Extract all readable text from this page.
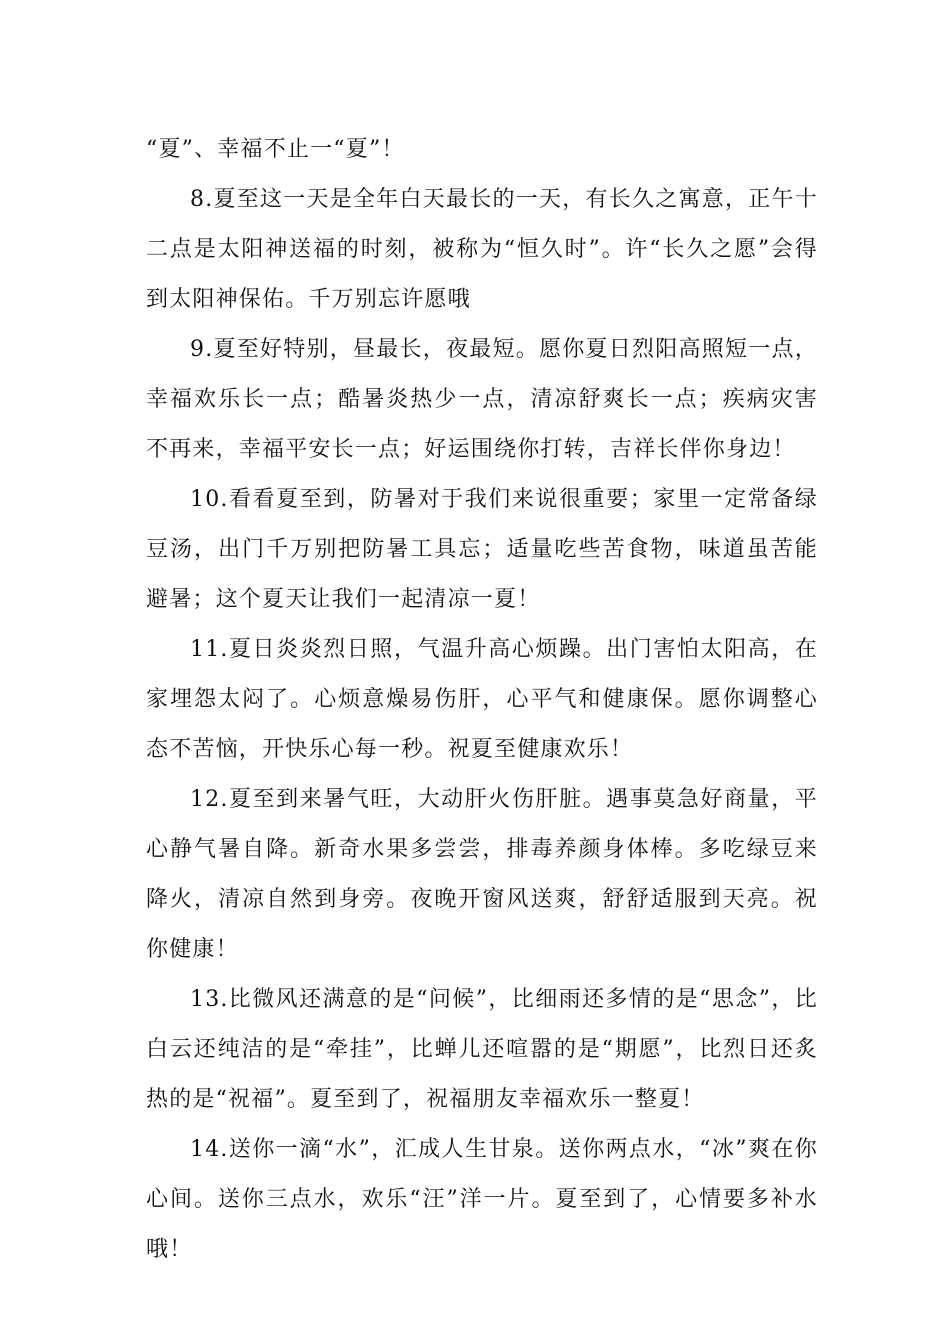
“夏”、幸福不止一“夏”！

8.夏至这一天是全年白天最长的一天，有长久之寓意，正午十二点是太阳神送福的时刻，被称为“恒久时”。许“长久之愿”会得到太阳神保佑。千万别忘许愿哦

9.夏至好特别，昼最长，夜最短。愿你夏日烈阳高照短一点，幸福欢乐长一点；酷暑炎热少一点，清凉舒爽长一点；疾病灾害不再来，幸福平安长一点；好运围绕你打转，吉祥长伴你身边！

10.看看夏至到，防暑对于我们来说很重要；家里一定常备绿豆汤，出门千万别把防暑工具忘；适量吃些苦食物，味道虽苦能避暑；这个夏天让我们一起清凉一夏！

11.夏日炎炎烈日照，气温升高心烦躁。出门害怕太阳高，在家埋怨太闷了。心烦意燥易伤肝，心平气和健康保。愿你调整心态不苦恼，开快乐心每一秒。祝夏至健康欢乐！

12.夏至到来暑气旺，大动肝火伤肝脏。遇事莫急好商量，平心静气暑自降。新奇水果多尝尝，排毒养颜身体棒。多吃绿豆来降火，清凉自然到身旁。夜晚开窗风送爽，舒舒适服到天亮。祝你健康！

13.比微风还满意的是“问候”，比细雨还多情的是“思念”，比白云还纯洁的是“牵挂”，比蝉儿还喧嚣的是“期愿”，比烈日还炙热的是“祝福”。夏至到了，祝福朋友幸福欢乐一整夏！

14.送你一滴“水”，汇成人生甘泉。送你两点水，“冰”爽在你心间。送你三点水，欢乐“汪”洋一片。夏至到了，心情要多补水哦！
